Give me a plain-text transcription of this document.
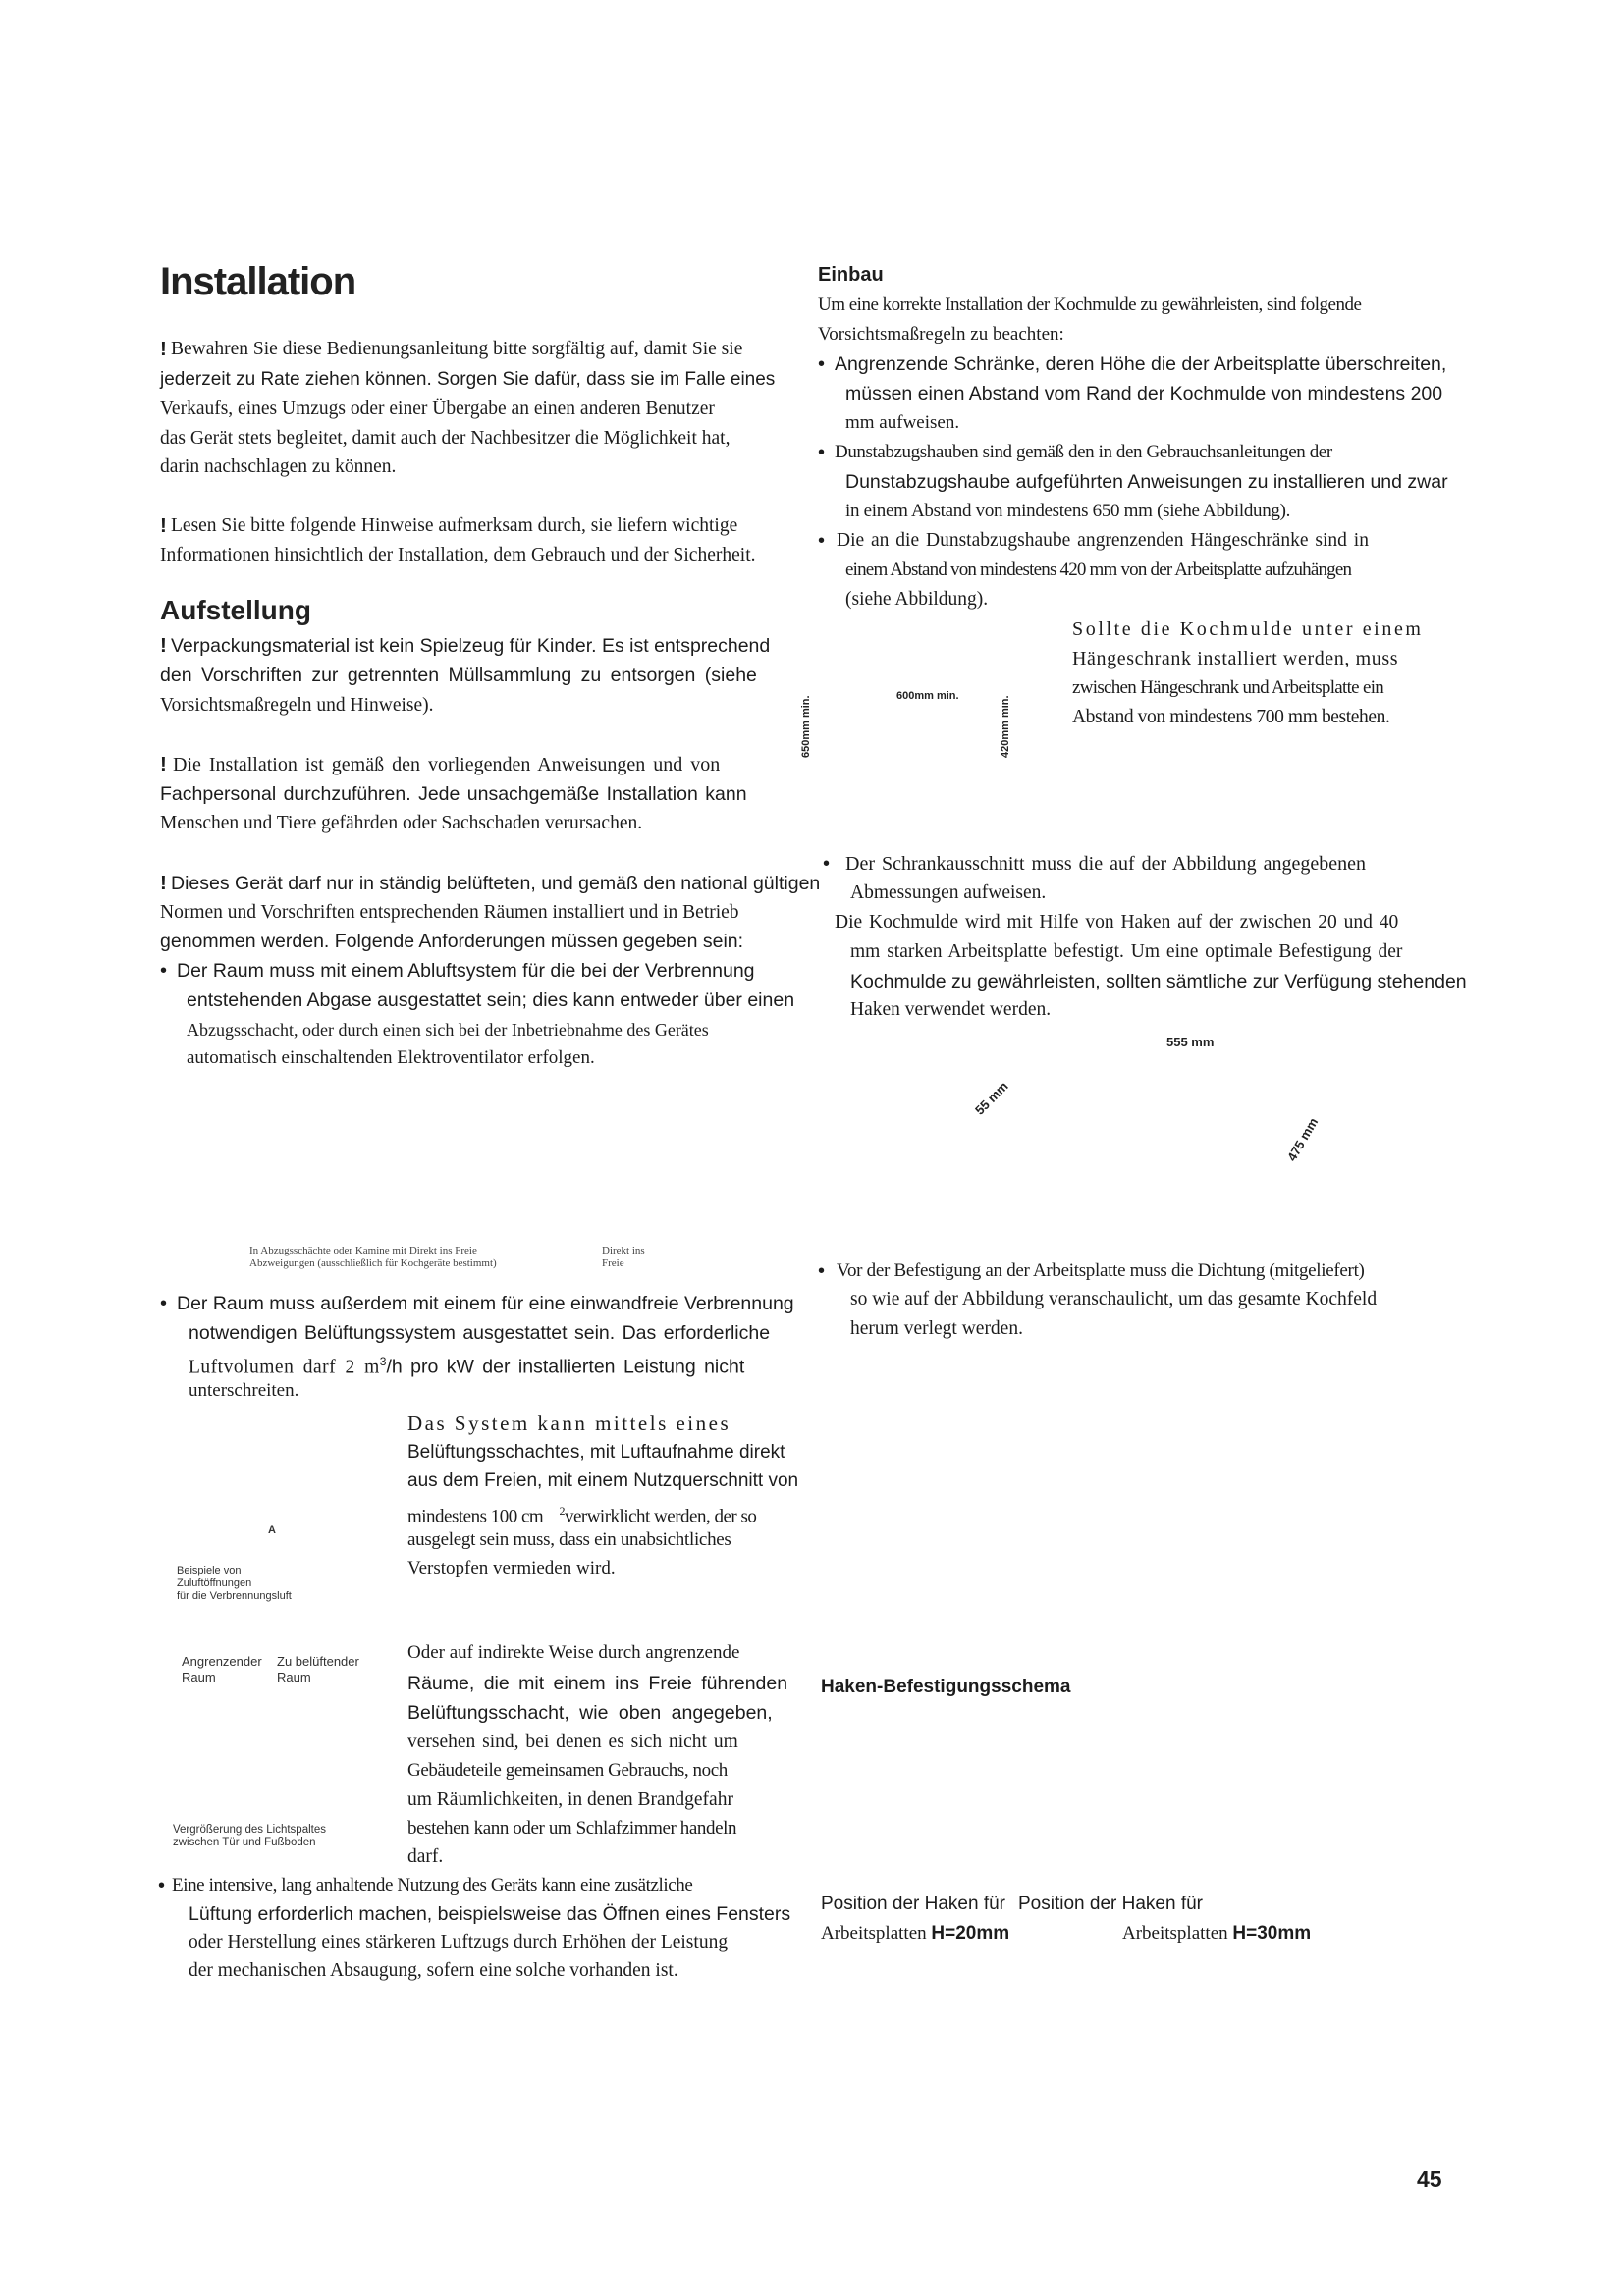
Installation
! Bewahren Sie diese Bedienungsanleitung bitte sorgfältig auf, damit Sie sie
jederzeit zu Rate ziehen können. Sorgen Sie dafür, dass sie im Falle eines
Verkaufs, eines Umzugs oder einer Übergabe an einen anderen Benutzer
das Gerät stets begleitet, damit auch der Nachbesitzer die Möglichkeit hat,
darin nachschlagen zu können.
! Lesen Sie bitte folgende Hinweise aufmerksam durch, sie liefern wichtige
Informationen hinsichtlich der Installation, dem Gebrauch und der Sicherheit.
Aufstellung
! Verpackungsmaterial ist kein Spielzeug für Kinder. Es ist entsprechend
den Vorschriften zur getrennten Müllsammlung zu entsorgen (siehe
Vorsichtsmaßregeln und Hinweise).
! Die Installation ist gemäß den vorliegenden Anweisungen und von
Fachpersonal durchzuführen. Jede unsachgemäße Installation kann
Menschen und Tiere gefährden oder Sachschaden verursachen.
! Dieses Gerät darf nur in ständig belüfteten, und gemäß den national gültigen
Normen und Vorschriften entsprechenden Räumen installiert und in Betrieb
genommen werden. Folgende Anforderungen müssen gegeben sein:
• Der Raum muss mit einem Abluftsystem für die bei der Verbrennung
entstehenden Abgase ausgestattet sein; dies kann entweder über einen
Abzugsschacht, oder durch einen sich bei der Inbetriebnahme des Gerätes
automatisch einschaltenden Elektroventilator erfolgen.
In Abzugsschächte oder Kamine mit Direkt ins Freie
Abzweigungen (ausschließlich für Kochgeräte bestimmt)
Direkt ins
Freie
• Der Raum muss außerdem mit einem für eine einwandfreie Verbrennung
notwendigen Belüftungssystem ausgestattet sein. Das erforderliche
Luftvolumen darf 2 $m^3/h$ pro kW der installierten Leistung nicht
unterschreiten.
Das System kann mittels eines
Belüftungsschachtes, mit Luftaufnahme direkt
aus dem Freien, mit einem Nutzquerschnitt von
mindestens 100 cm $^2$verwirklicht werden, der so
ausgelegt sein muss, dass ein unabsichtliches
Verstopfen vermieden wird.
A
Beispiele von
Zuluftöffnungen
für die Verbrennungsluft
Angrenzender
Raum
Zu belüftender
Raum
Vergrößerung des Lichtspaltes
zwischen Tür und Fußboden
Oder auf indirekte Weise durch angrenzende
Räume, die mit einem ins Freie führenden
Belüftungsschacht, wie oben angegeben,
versehen sind, bei denen es sich nicht um
Gebäudeteile gemeinsamen Gebrauchs, noch
um Räumlichkeiten, in denen Brandgefahr
bestehen kann oder um Schlafzimmer handeln
darf.
• Eine intensive, lang anhaltende Nutzung des Geräts kann eine zusätzliche
Lüftung erforderlich machen, beispielsweise das Öffnen eines Fensters
oder Herstellung eines stärkeren Luftzugs durch Erhöhen der Leistung
der mechanischen Absaugung, sofern eine solche vorhanden ist.
Einbau
Um eine korrekte Installation der Kochmulde zu gewährleisten, sind folgende
Vorsichtsmaßregeln zu beachten:
• Angrenzende Schränke, deren Höhe die der Arbeitsplatte überschreiten,
müssen einen Abstand vom Rand der Kochmulde von mindestens 200
mm aufweisen.
• Dunstabzugshauben sind gemäß den in den Gebrauchsanleitungen der
Dunstabzugshaube aufgeführten Anweisungen zu installieren und zwar
in einem Abstand von mindestens 650 mm (siehe Abbildung).
• Die an die Dunstabzugshaube angrenzenden Hängeschränke sind in
einem Abstand von mindestens 420 mm von der Arbeitsplatte aufzuhängen
(siehe Abbildung).
Sollte die Kochmulde unter einem
Hängeschrank installiert werden, muss
zwischen Hängeschrank und Arbeitsplatte ein
Abstand von mindestens 700 mm bestehen.
600mm min.
650mm min.	420mm min.
• Der Schrankausschnitt muss die auf der Abbildung angegebenen
Abmessungen aufweisen.
Die Kochmulde wird mit Hilfe von Haken auf der zwischen 20 und 40
mm starken Arbeitsplatte befestigt. Um eine optimale Befestigung der
Kochmulde zu gewährleisten, sollten sämtliche zur Verfügung stehenden
Haken verwendet werden.
555 mm
55 mm
475 mm
• Vor der Befestigung an der Arbeitsplatte muss die Dichtung (mitgeliefert)
so wie auf der Abbildung veranschaulicht, um das gesamte Kochfeld
herum verlegt werden.
Haken-Befestigungsschema
Position der Haken für
Arbeitsplatten H=20mm
Position der Haken für
Arbeitsplatten H=30mm
45
